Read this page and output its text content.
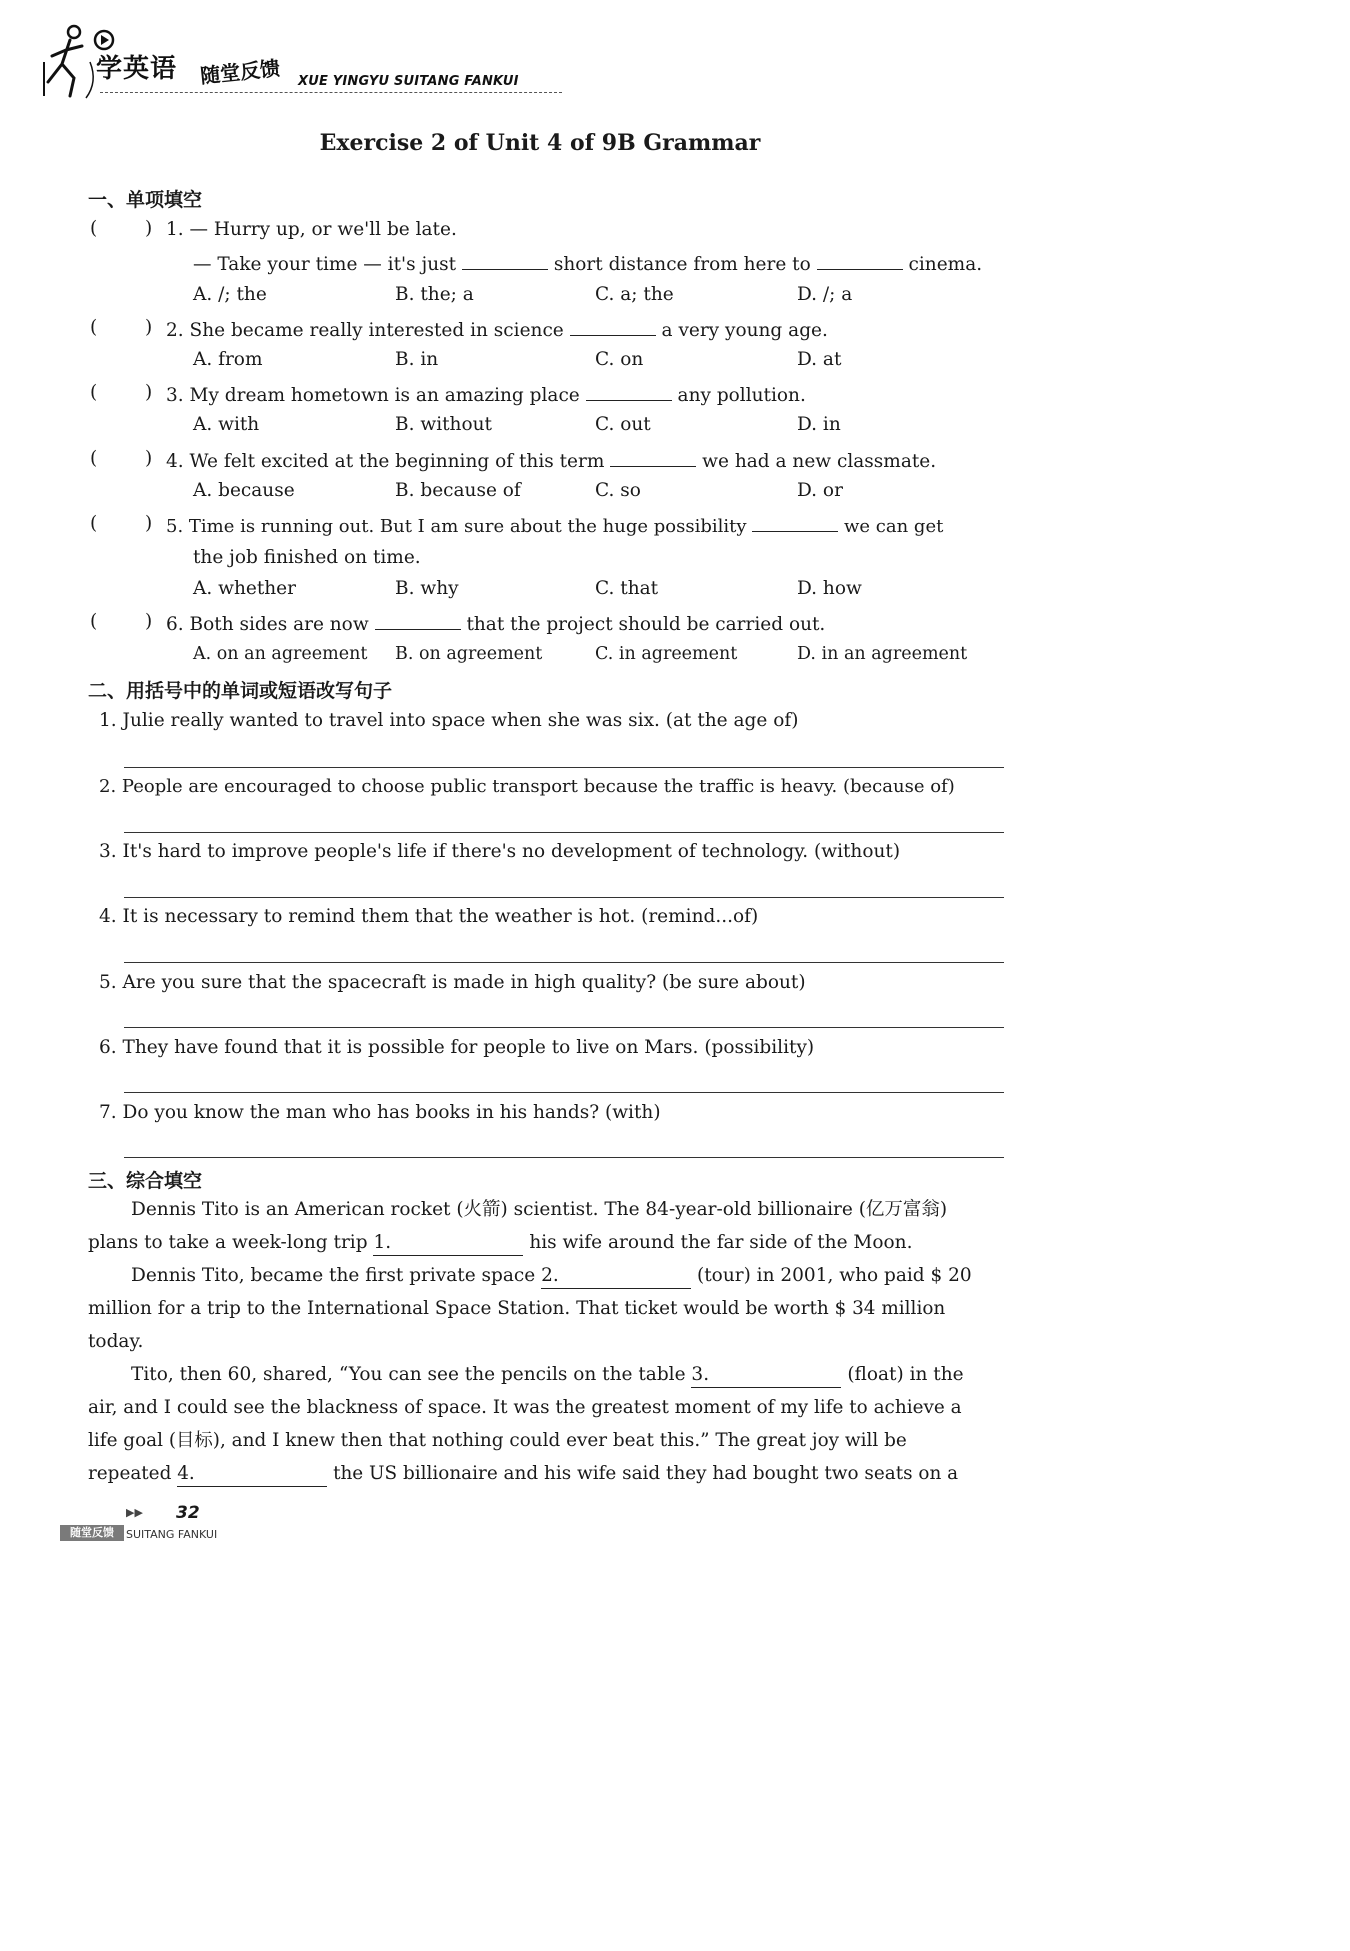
学英语 随堂反馈 XUE YINGYU SUITANG FANKUI
Exercise 2 of Unit 4 of 9B Grammar
一、单项填空
(	) 1. — Hurry up, or we'll be late.
— Take your time — it's just	short distance from here to	cinema.
A. /; the	B. the; a	C. a; the	D. /; a
(	) 2. She became really interested in science	a very young age.
A. from	B. in	C. on	D. at
(	) 3. My dream hometown is an amazing place	any pollution.
A. with	B. without	C. out	D. in
(	) 4. We felt excited at the beginning of this term	we had a new classmate.
A. because	B. because of	C. so	D. or
(	) 5. Time is running out. But I am sure about the huge possibility	we can get
the job finished on time.
A. whether	B. why	C. that	D. how
(	) 6. Both sides are now	that the project should be carried out.
A. on an agreement B. on agreement	C. in agreement	D. in an agreement
二、用括号中的单词或短语改写句子
1. Julie really wanted to travel into space when she was six. (at the age of)
2. People are encouraged to choose public transport because the traffic is heavy. (because of)
3. It's hard to improve people's life if there's no development of technology. (without)
4. It is necessary to remind them that the weather is hot. (remind...of)
5. Are you sure that the spacecraft is made in high quality? (be sure about)
6. They have found that it is possible for people to live on Mars. (possibility)
7. Do you know the man who has books in his hands? (with)
三、综合填空
Dennis Tito is an American rocket (火箭) scientist. The 84-year-old billionaire (亿万富翁)
plans to take a week-long trip 1.	his wife around the far side of the Moon.
Dennis Tito, became the first private space 2.	(tour) in 2001, who paid $ 20
million for a trip to the International Space Station. That ticket would be worth $ 34 million
today.
Tito, then 60, shared, “You can see the pencils on the table 3.	(float) in the
air, and I could see the blackness of space. It was the greatest moment of my life to achieve a
life goal (目标), and I knew then that nothing could ever beat this.” The great joy will be
repeated 4.	the US billionaire and his wife said they had bought two seats on a
▶▶ 32
随堂反馈	SUITANG FANKUI
